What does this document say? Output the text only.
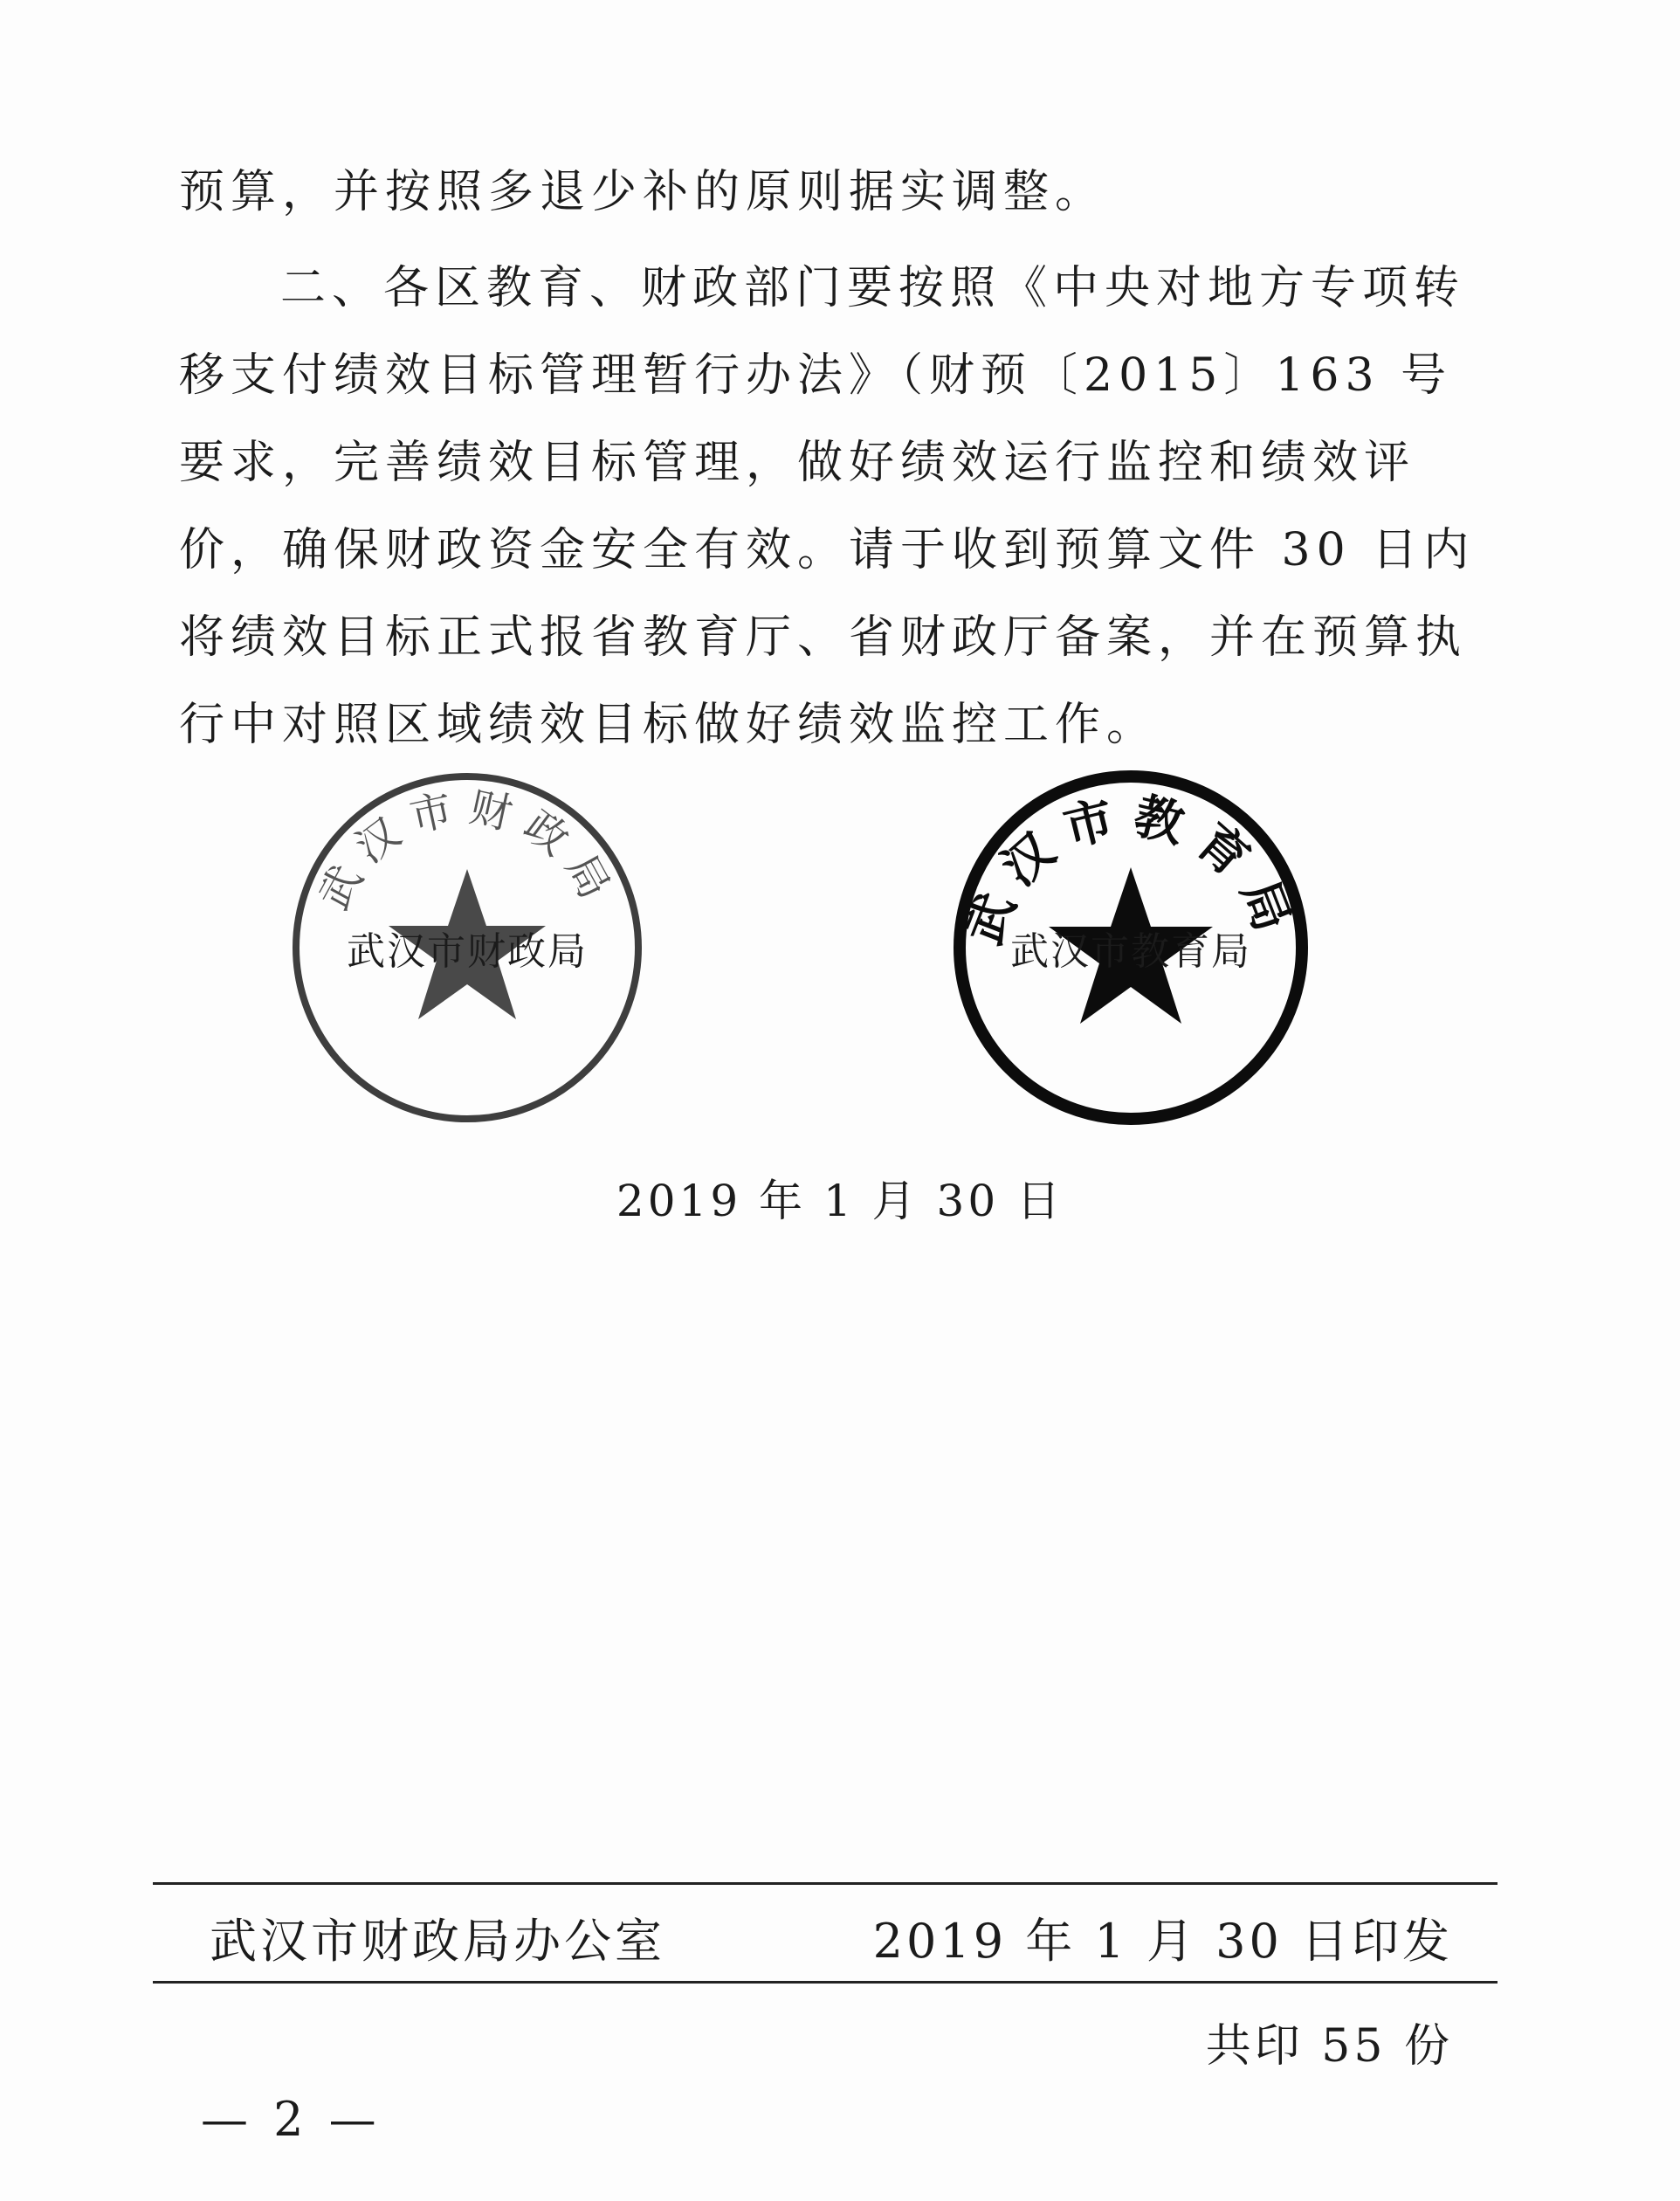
预算，并按照多退少补的原则据实调整。
二、各区教育、财政部门要按照《中央对地方专项转移支付绩效目标管理暂行办法》（财预〔2015〕163 号要求，完善绩效目标管理，做好绩效运行监控和绩效评价，确保财政资金安全有效。请于收到预算文件 30 日内将绩效目标正式报省教育厅、省财政厅备案，并在预算执行中对照区域绩效目标做好绩效监控工作。
武汉市财政局
武汉市财政局	武汉市教育局
武汉市教育局
2019 年 1 月 30 日
武汉市财政局办公室	2019 年 1 月 30 日印发
共印 55 份
— 2 —
